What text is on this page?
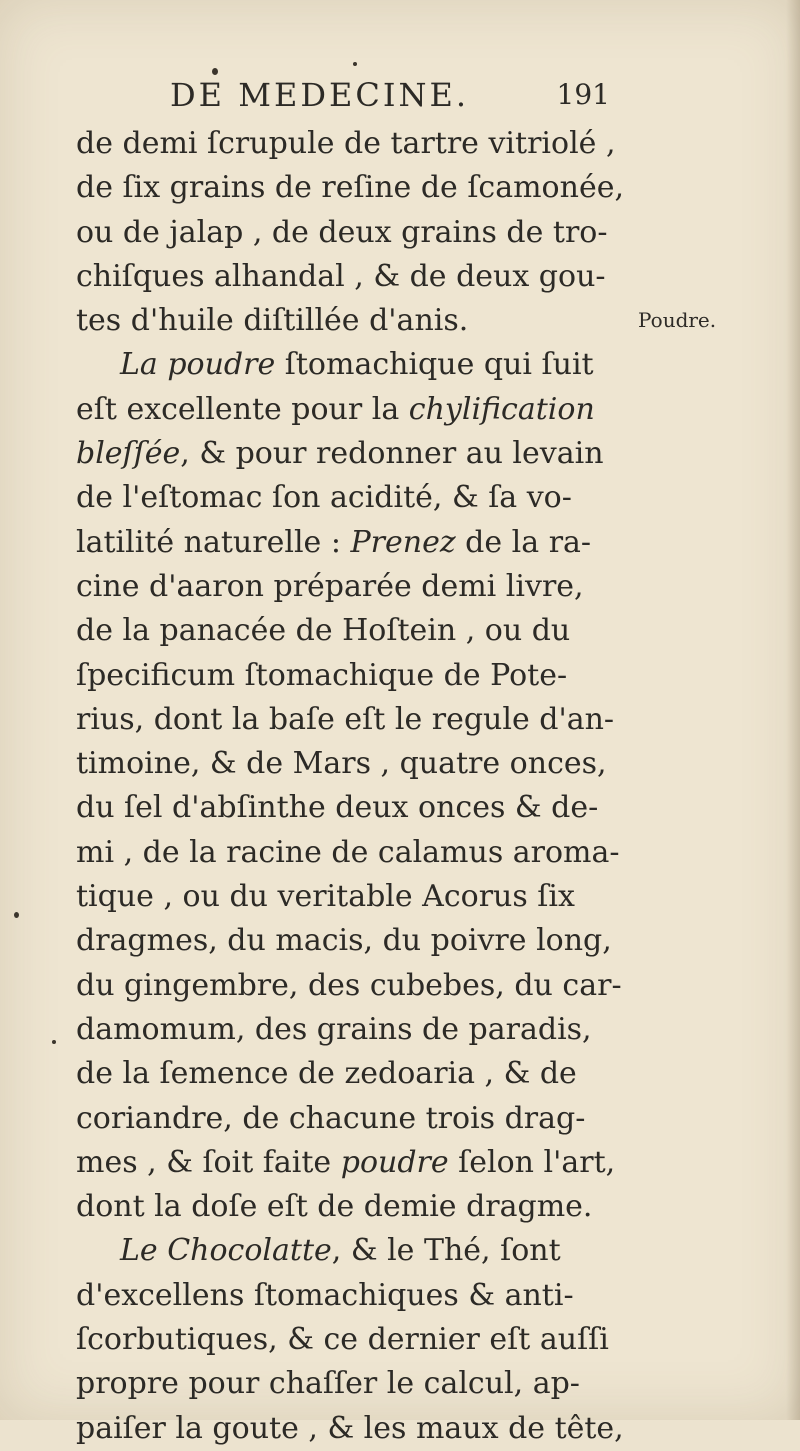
DE MEDECINE.	191
Poudre.
de demi ſcrupule de tartre vitriolé ,
de ſix grains de reſine de ſcamonée,
ou de jalap , de deux grains de tro-
chiſques alhandal , & de deux gou-
tes d'huile diſtillée d'anis.
La poudre ſtomachique qui ſuit
eſt excellente pour la chylification
bleſſée, & pour redonner au levain
de l'eſtomac ſon acidité, & ſa vo-
latilité naturelle : Prenez de la ra-
cine d'aaron préparée demi livre,
de la panacée de Hoſtein , ou du
ſpecificum ſtomachique de Pote-
rius, dont la baſe eſt le regule d'an-
timoine, & de Mars , quatre onces,
du ſel d'abſinthe deux onces & de-
mi , de la racine de calamus aroma-
tique , ou du veritable Acorus ſix
dragmes, du macis, du poivre long,
du gingembre, des cubebes, du car-
damomum, des grains de paradis,
de la ſemence de zedoaria , & de
coriandre, de chacune trois drag-
mes , & ſoit faite poudre ſelon l'art,
dont la doſe eſt de demie dragme.
Le Chocolatte, & le Thé, ſont
d'excellens ſtomachiques & anti-
ſcorbutiques, & ce dernier eſt auſſi
propre pour chaſſer le calcul, ap-
paiſer la goute , & les maux de tête,
